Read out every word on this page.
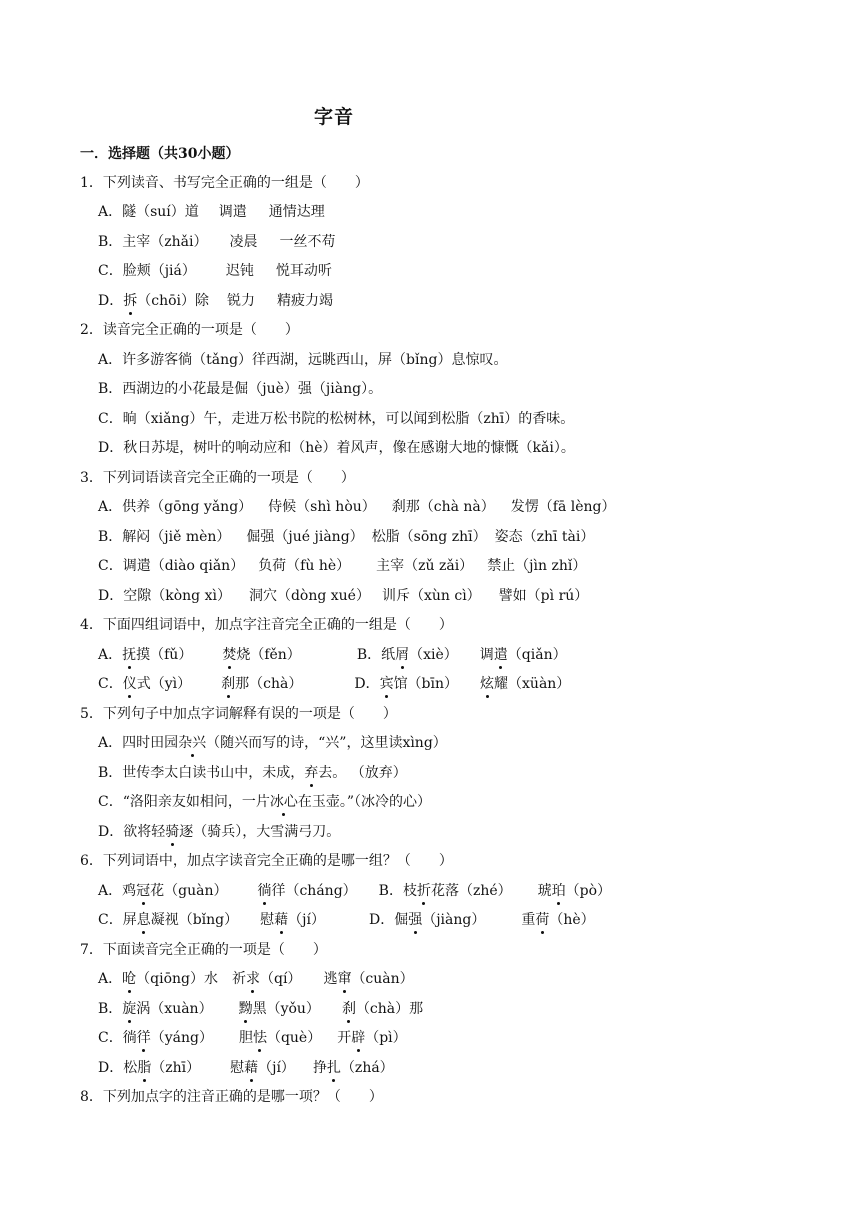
字音
一．选择题（共30小题）
1．下列读音、书写完全正确的一组是（　　）
A．隧（suí）道 调遣 通情达理
B．主宰（zhǎi） 凌晨 一丝不苟
C．脸颊（jiá） 迟钝 悦耳动听
D．拆（chōi）除 锐力 精疲力竭
2．读音完全正确的一项是（　　）
A．许多游客徜（tǎng）徉西湖，远眺西山，屏（bǐng）息惊叹。
B．西湖边的小花最是倔（juè）强（jiàng）。
C．晌（xiǎng）午，走进万松书院的松树林，可以闻到松脂（zhī）的香味。
D．秋日苏堤，树叶的响动应和（hè）着风声，像在感谢大地的慷慨（kǎi）。
3．下列词语读音完全正确的一项是（　　）
A．供养（gōng yǎng） 侍候（shì hòu） 刹那（chà nà） 发愣（fā lèng）
B．解闷（jiě mèn） 倔强（jué jiàng） 松脂（sōng zhī） 姿态（zhī tài）
C．调遣（diào qiǎn） 负荷（fù hè） 主宰（zǔ zǎi） 禁止（jìn zhǐ）
D．空隙（kòng xì） 洞穴（dòng xué） 训斥（xùn cì） 譬如（pì rú）
4．下面四组词语中，加点字注音完全正确的一组是（　　）
A．抚摸（fǔ） 焚烧（fěn）	B．纸屑（xiè） 调遣（qiǎn）
C．仪式（yì） 刹那（chà）	D．宾馆（bīn） 炫耀（xüàn）
5．下列句子中加点字词解释有误的一项是（　　）
A．四时田园杂兴（随兴而写的诗，“兴”，这里读xìng）
B．世传李太白读书山中，未成，弃去。 （放弃）
C．“洛阳亲友如相问，一片冰心在玉壶。”（冰冷的心）
D．欲将轻骑逐（骑兵），大雪满弓刀。
6．下列词语中，加点字读音完全正确的是哪一组？（　　）
A．鸡冠花（guàn） 徜徉（cháng） B．枝折花落（zhé） 琥珀（pò）
C．屏息凝视（bǐng） 慰藉（jí）	D．倔强（jiàng）	重荷（hè）
7．下面读音完全正确的一项是（　　）
A．呛（qiōng）水 祈求（qí） 逃窜（cuàn）
B．旋涡（xuàn） 黝黑（yǒu） 刹（chà）那
C．徜徉（yáng） 胆怯（què） 开辟（pì）
D．松脂（zhī） 慰藉（jí） 挣扎（zhá）
8．下列加点字的注音正确的是哪一项？（　　）
